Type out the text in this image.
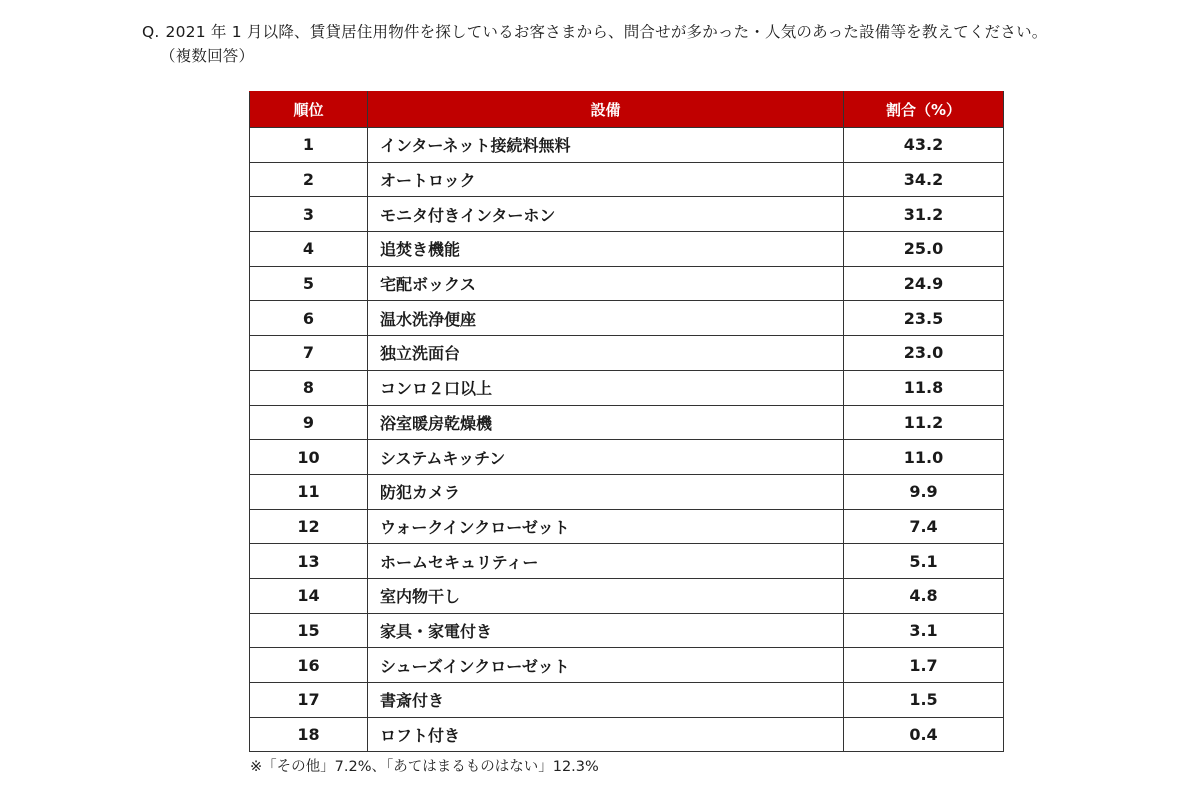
Q. 2021 年 1 月以降、賃貸居住用物件を探しているお客さまから、問合せが多かった・人気のあった設備等を教えてください。
（複数回答）
順位	設備	割合（%）
1	インターネット接続料無料	43.2
2	オートロック	34.2
3	モニタ付きインターホン	31.2
4	追焚き機能	25.0
5	宅配ボックス	24.9
6	温水洗浄便座	23.5
7	独立洗面台	23.0
8	コンロ２口以上	11.8
9	浴室暖房乾燥機	11.2
10	システムキッチン	11.0
11	防犯カメラ	9.9
12	ウォークインクローゼット	7.4
13	ホームセキュリティー	5.1
14	室内物干し	4.8
15	家具・家電付き	3.1
16	シューズインクローゼット	1.7
17	書斎付き	1.5
18	ロフト付き	0.4
※「その他」7.2%、「あてはまるものはない」12.3%
